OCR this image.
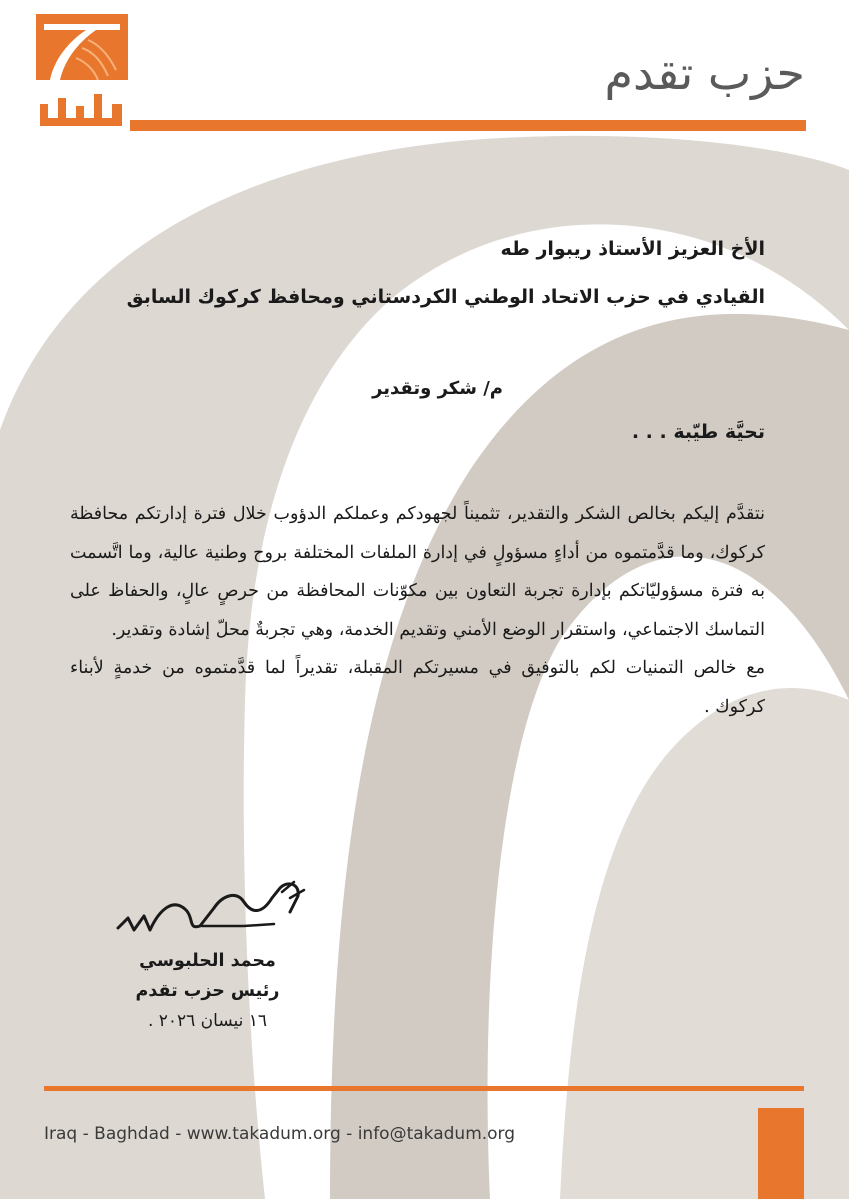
حزب تقدم
الأخ العزيز الأستاذ ريبوار طه
القيادي في حزب الاتحاد الوطني الكردستاني ومحافظ كركوك السابق
م/ شكر وتقدير
تحيَّة طيّبة . . .

نتقدَّم إليكم بخالص الشكر والتقدير، تثميناً لجهودكم وعملكم الدؤوب خلال فترة إدارتكم محافظة كركوك، وما قدَّمتموه من أداءٍ مسؤولٍ في إدارة الملفات المختلفة بروح وطنية عالية، وما اتَّسمت به فترة مسؤوليّاتكم بإدارة تجربة التعاون بين مكوّنات المحافظة من حرصٍ عالٍ، والحفاظ على التماسك الاجتماعي، واستقرار الوضع الأمني وتقديم الخدمة، وهي تجربةٌ محلّ إشادة وتقدير.

مع خالص التمنيات لكم بالتوفيق في مسيرتكم المقبلة، تقديراً لما قدَّمتموه من خدمةٍ لأبناء كركوك .

محمد الحلبوسي
رئيس حزب تقدم
١٦ نيسان ٢٠٢٦ .
Iraq - Baghdad - www.takadum.org - info@takadum.org
